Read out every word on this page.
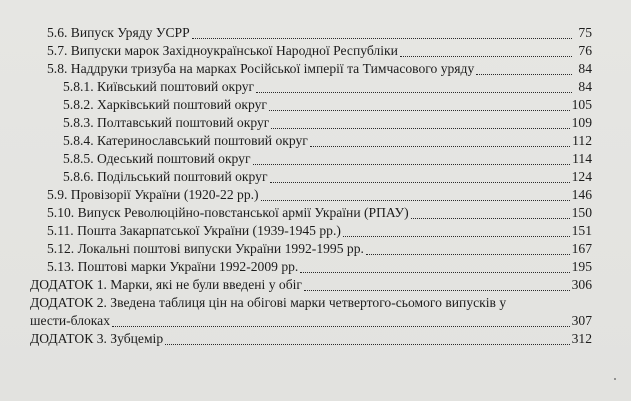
5.6. Випуск Уряду УСРР	75
5.7. Випуски марок Західноукраїнської Народної Республіки	76
5.8. Наддруки тризуба на марках Російської імперії та Тимчасового уряду	84
5.8.1. Київський поштовий округ	84
5.8.2. Харківський поштовий округ	105
5.8.3. Полтавський поштовий округ	109
5.8.4. Катеринославський поштовий округ	112
5.8.5. Одеський поштовий округ	114
5.8.6. Подільський поштовий округ	124
5.9. Провізорії України (1920-22 рр.)	146
5.10. Випуск Революційно-повстанської армії України (РПАУ)	150
5.11. Пошта Закарпатської України (1939-1945 рр.)	151
5.12. Локальні поштові випуски України 1992-1995 рр.	167
5.13. Поштові марки України 1992-2009 рр.	195
ДОДАТОК 1. Марки, які не були введені у обіг	306
ДОДАТОК 2. Зведена таблиця цін на обігові марки четвертого-сьомого випусків у
шести-блоках	307
ДОДАТОК 3. Зубцемір	312
